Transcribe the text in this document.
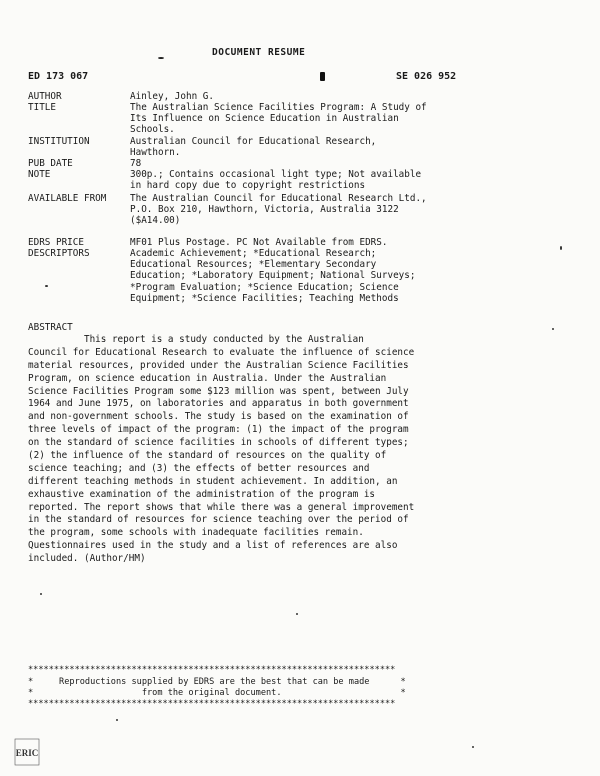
DOCUMENT RESUME
ED 173 067	SE 026 952
AUTHOR	Ainley, John G.
TITLE	The Australian Science Facilities Program: A Study of
Its Influence on Science Education in Australian
Schools.
INSTITUTION	Australian Council for Educational Research,
Hawthorn.
PUB DATE	78
NOTE	300p.; Contains occasional light type; Not available
in hard copy due to copyright restrictions
AVAILABLE FROM	The Australian Council for Educational Research Ltd.,
P.O. Box 210, Hawthorn, Victoria, Australia 3122
($A14.00)
EDRS PRICE	MF01 Plus Postage. PC Not Available from EDRS.
DESCRIPTORS	Academic Achievement; *Educational Research;
Educational Resources; *Elementary Secondary
Education; *Laboratory Equipment; National Surveys;
*Program Evaluation; *Science Education; Science
Equipment; *Science Facilities; Teaching Methods
ABSTRACT
This report is a study conducted by the Australian
Council for Educational Research to evaluate the influence of science
material resources, provided under the Australian Science Facilities
Program, on science education in Australia. Under the Australian
Science Facilities Program some $123 million was spent, between July
1964 and June 1975, on laboratories and apparatus in both government
and non-government schools. The study is based on the examination of
three levels of impact of the program: (1) the impact of the program
on the standard of science facilities in schools of different types;
(2) the influence of the standard of resources on the quality of
science teaching; and (3) the effects of better resources and
different teaching methods in student achievement. In addition, an
exhaustive examination of the administration of the program is
reported. The report shows that while there was a general improvement
in the standard of resources for science teaching over the period of
the program, some schools with inadequate facilities remain.
Questionnaires used in the study and a list of references are also
included. (Author/HM)
***********************************************************************
*     Reproductions supplied by EDRS are the best that can be made      *
*                     from the original document.                       *
***********************************************************************
ERIC
